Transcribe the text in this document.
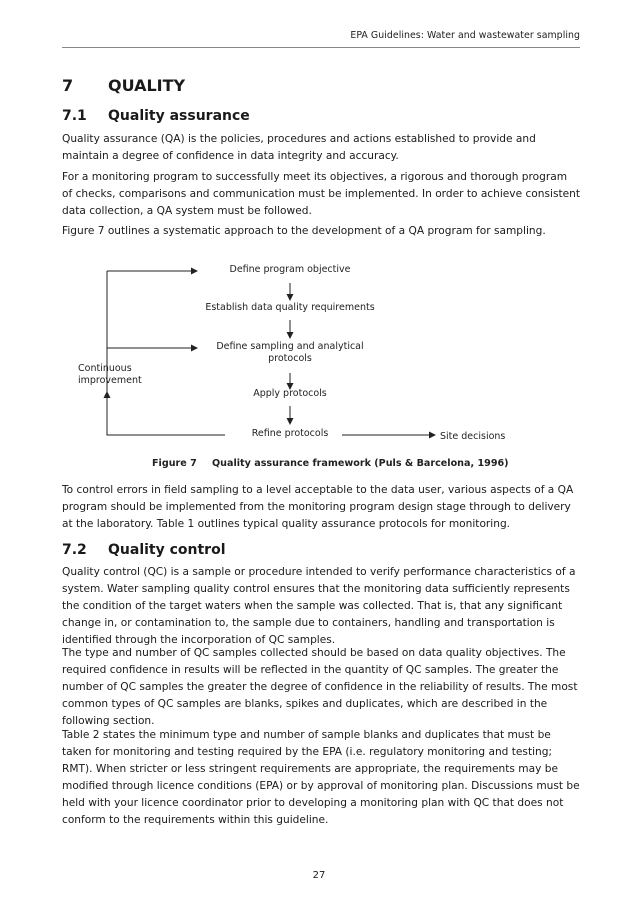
EPA Guidelines: Water and wastewater sampling
7 QUALITY
7.1 Quality assurance

Quality assurance (QA) is the policies, procedures and actions established to provide and maintain a degree of confidence in data integrity and accuracy.

For a monitoring program to successfully meet its objectives, a rigorous and thorough program of checks, comparisons and communication must be implemented. In order to achieve consistent data collection, a QA system must be followed.

Figure 7 outlines a systematic approach to the development of a QA program for sampling.

Define program objective
Establish data quality requirements
Define sampling and analytical protocols
Apply protocols
Refine protocols
Continuous improvement
Site decisions
Figure 7 Quality assurance framework (Puls & Barcelona, 1996)

To control errors in field sampling to a level acceptable to the data user, various aspects of a QA program should be implemented from the monitoring program design stage through to delivery at the laboratory. Table 1 outlines typical quality assurance protocols for monitoring.

7.2 Quality control

Quality control (QC) is a sample or procedure intended to verify performance characteristics of a system. Water sampling quality control ensures that the monitoring data sufficiently represents the condition of the target waters when the sample was collected. That is, that any significant change in, or contamination to, the sample due to containers, handling and transportation is identified through the incorporation of QC samples.

The type and number of QC samples collected should be based on data quality objectives. The required confidence in results will be reflected in the quantity of QC samples. The greater the number of QC samples the greater the degree of confidence in the reliability of results. The most common types of QC samples are blanks, spikes and duplicates, which are described in the following section.

Table 2 states the minimum type and number of sample blanks and duplicates that must be taken for monitoring and testing required by the EPA (i.e. regulatory monitoring and testing; RMT). When stricter or less stringent requirements are appropriate, the requirements may be modified through licence conditions (EPA) or by approval of monitoring plan. Discussions must be held with your licence coordinator prior to developing a monitoring plan with QC that does not conform to the requirements within this guideline.

27
